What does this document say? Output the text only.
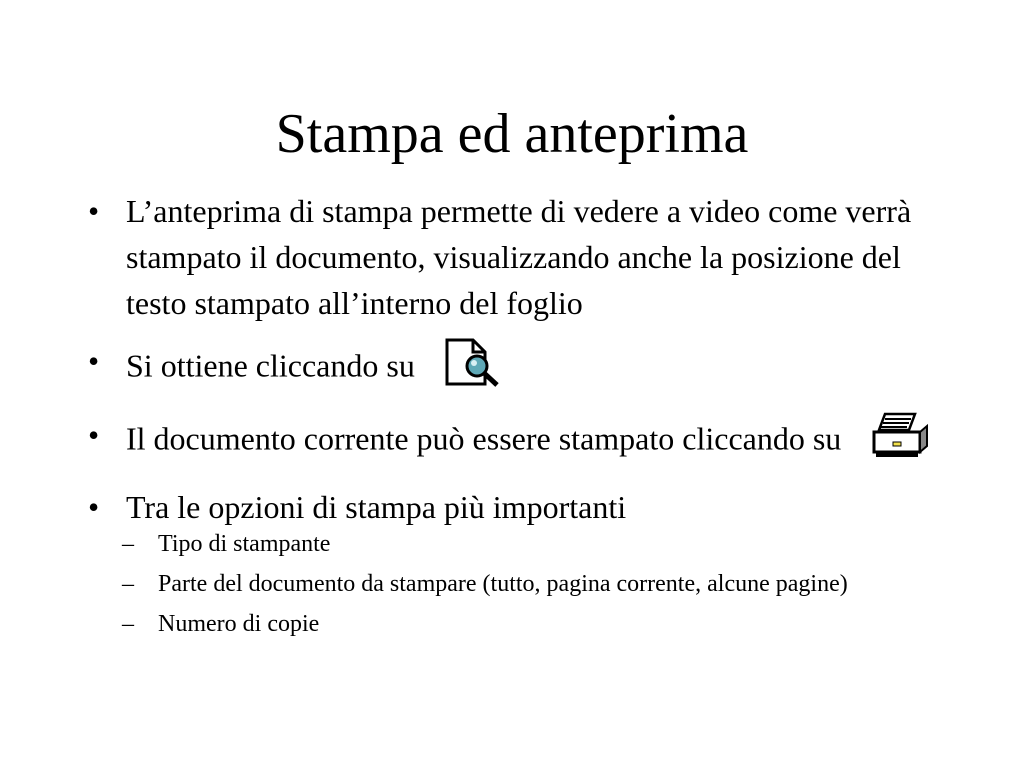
Stampa ed anteprima
• L’anteprima di stampa permette di vedere a video come verrà stampato il documento, visualizzando anche la posizione del testo stampato all’interno del foglio
• Si ottiene cliccando su
• Il documento corrente può essere stampato cliccando su
• Tra le opzioni di stampa più importanti
– Tipo di stampante
– Parte del documento da stampare (tutto, pagina corrente, alcune pagine)
– Numero di copie
